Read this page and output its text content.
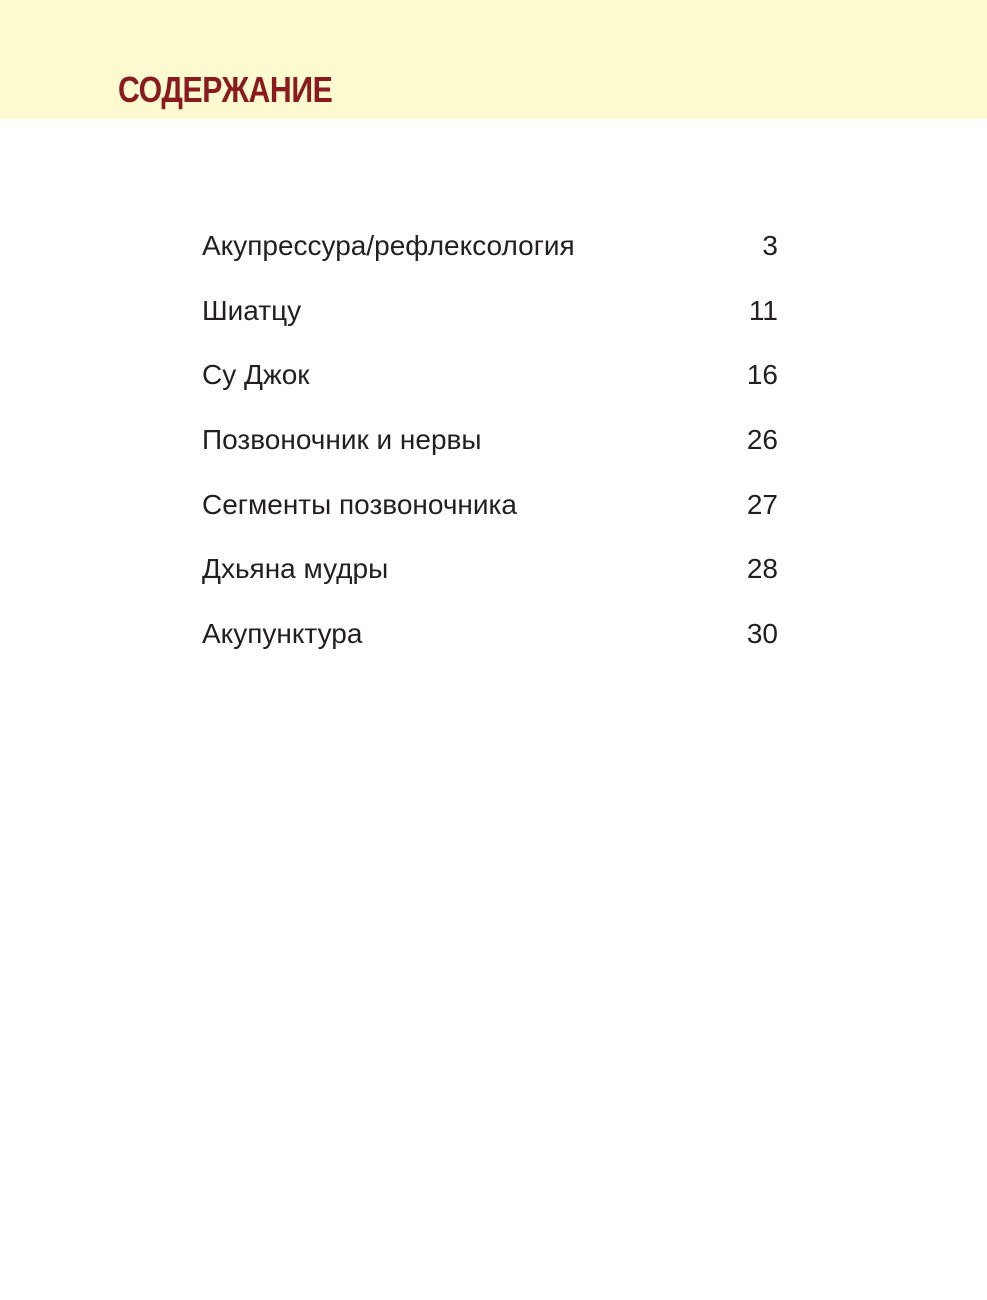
СОДЕРЖАНИЕ
Акупрессура/рефлексология	3
Шиатцу	11
Су Джок	16
Позвоночник и нервы	26
Сегменты позвоночника	27
Дхьяна мудры	28
Акупунктура	30
